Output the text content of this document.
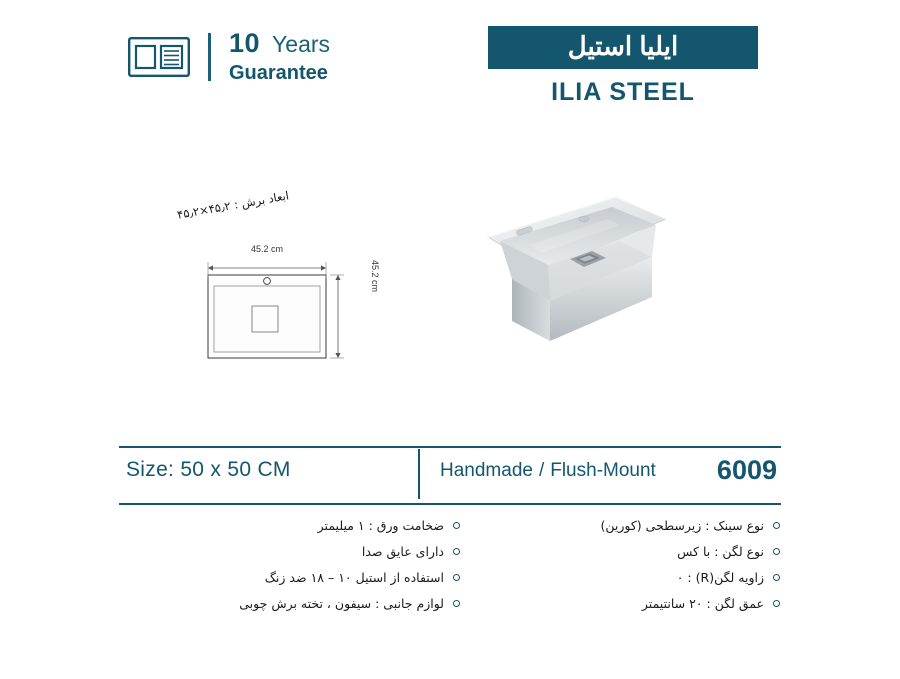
10 Years
Guarantee
ایلیا استیل
ILIA STEEL
ابعاد برش : ۴۵٫۲×۴۵٫۲
45.2 cm
45.2 cm
Size: 50 x 50 CM	Handmade / Flush-Mount 6009
نوع سینک : زیرسطحی (کورین)
نوع لگن : با کس
زاویه لگن(R) : ۰
عمق لگن : ۲۰ سانتیمتر
ضخامت ورق : ۱ میلیمتر
دارای عایق صدا
استفاده از استیل ۱۰ – ۱۸ ضد زنگ
لوازم جانبی : سیفون ، تخته برش چوبی
